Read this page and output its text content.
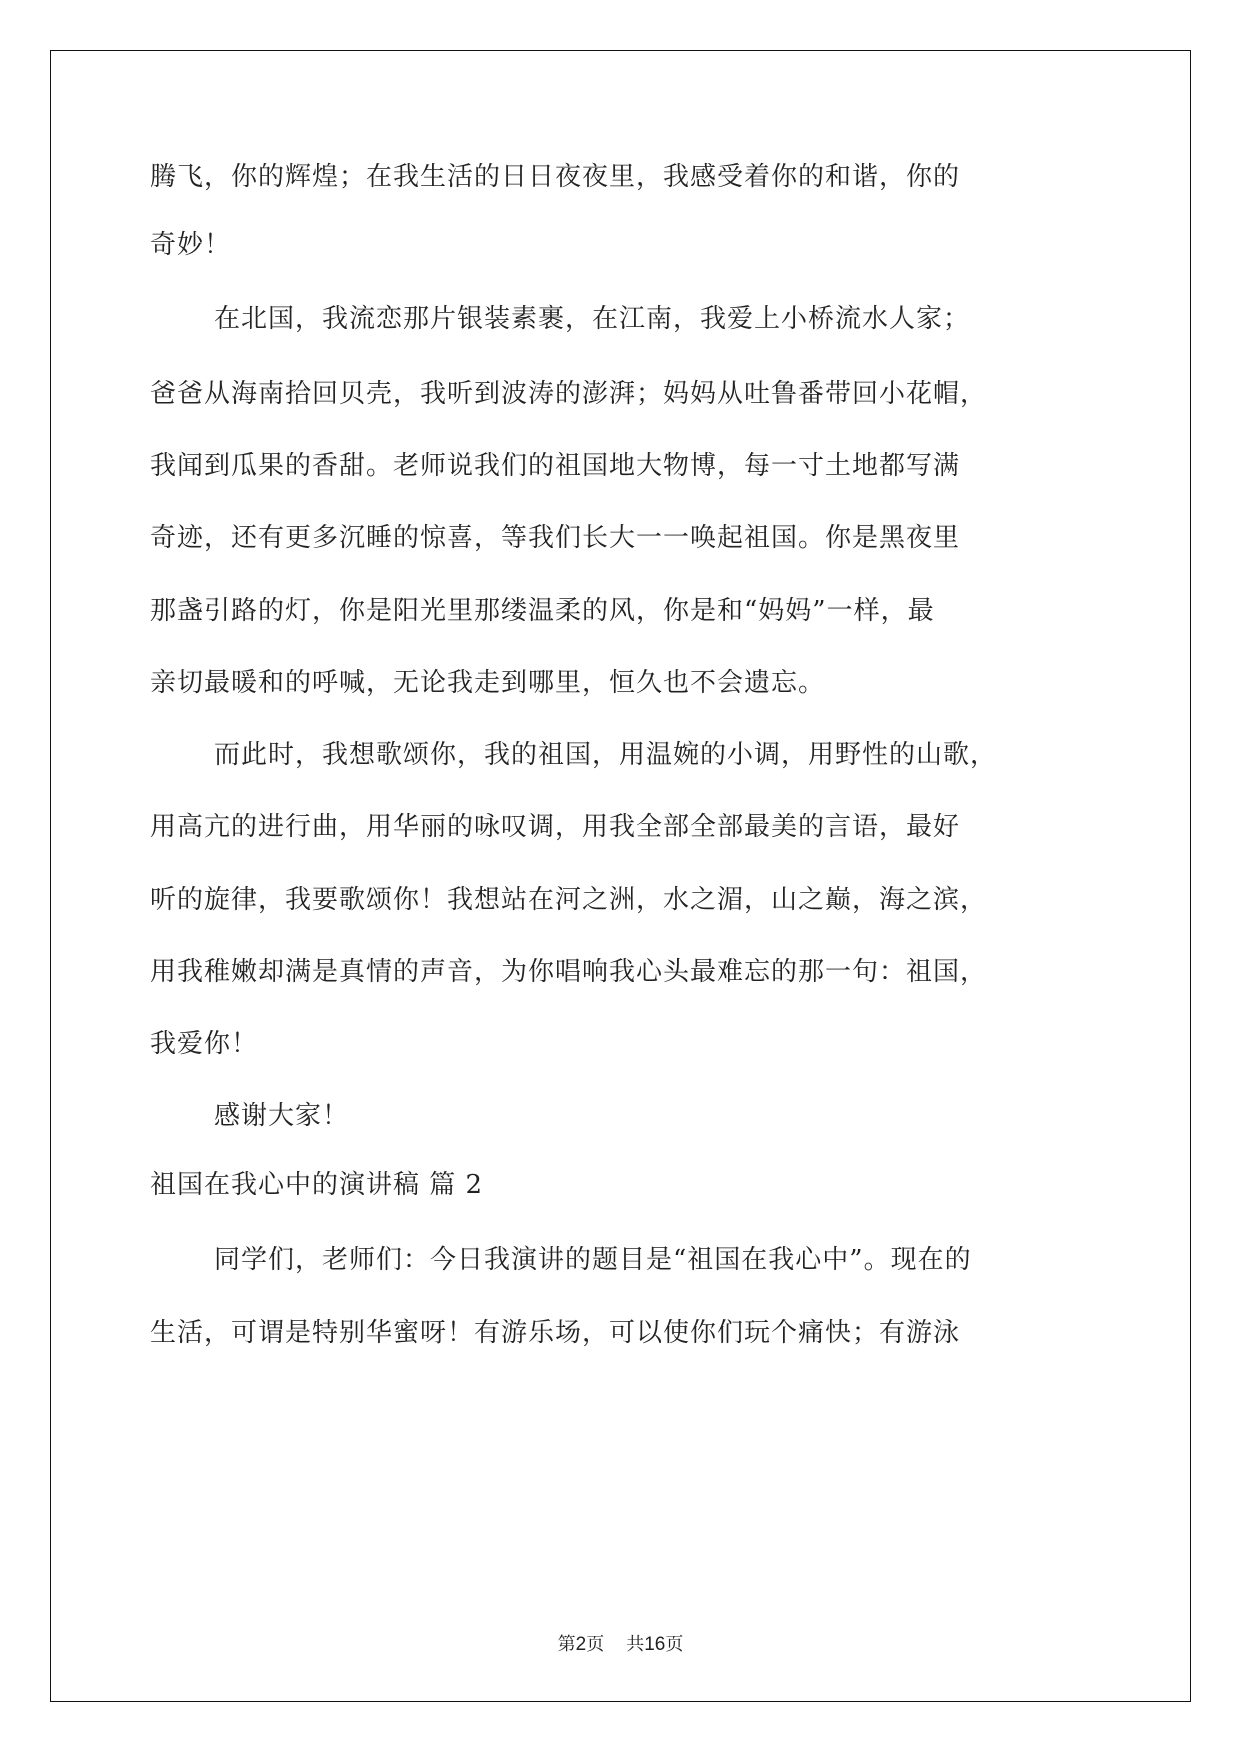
腾飞，你的辉煌；在我生活的日日夜夜里，我感受着你的和谐，你的
奇妙！
在北国，我流恋那片银装素裹，在江南，我爱上小桥流水人家；
爸爸从海南拾回贝壳，我听到波涛的澎湃；妈妈从吐鲁番带回小花帽，
我闻到瓜果的香甜。老师说我们的祖国地大物博，每一寸土地都写满
奇迹，还有更多沉睡的惊喜，等我们长大一一唤起祖国。你是黑夜里
那盏引路的灯，你是阳光里那缕温柔的风，你是和“妈妈”一样，最
亲切最暖和的呼喊，无论我走到哪里，恒久也不会遗忘。
而此时，我想歌颂你，我的祖国，用温婉的小调，用野性的山歌，
用高亢的进行曲，用华丽的咏叹调，用我全部全部最美的言语，最好
听的旋律，我要歌颂你！我想站在河之洲，水之湄，山之巅，海之滨，
用我稚嫩却满是真情的声音，为你唱响我心头最难忘的那一句：祖国，
我爱你！
感谢大家！
祖国在我心中的演讲稿 篇 2
同学们，老师们：今日我演讲的题目是“祖国在我心中”。现在的
生活，可谓是特别华蜜呀！有游乐场，可以使你们玩个痛快；有游泳
第2页 共16页
